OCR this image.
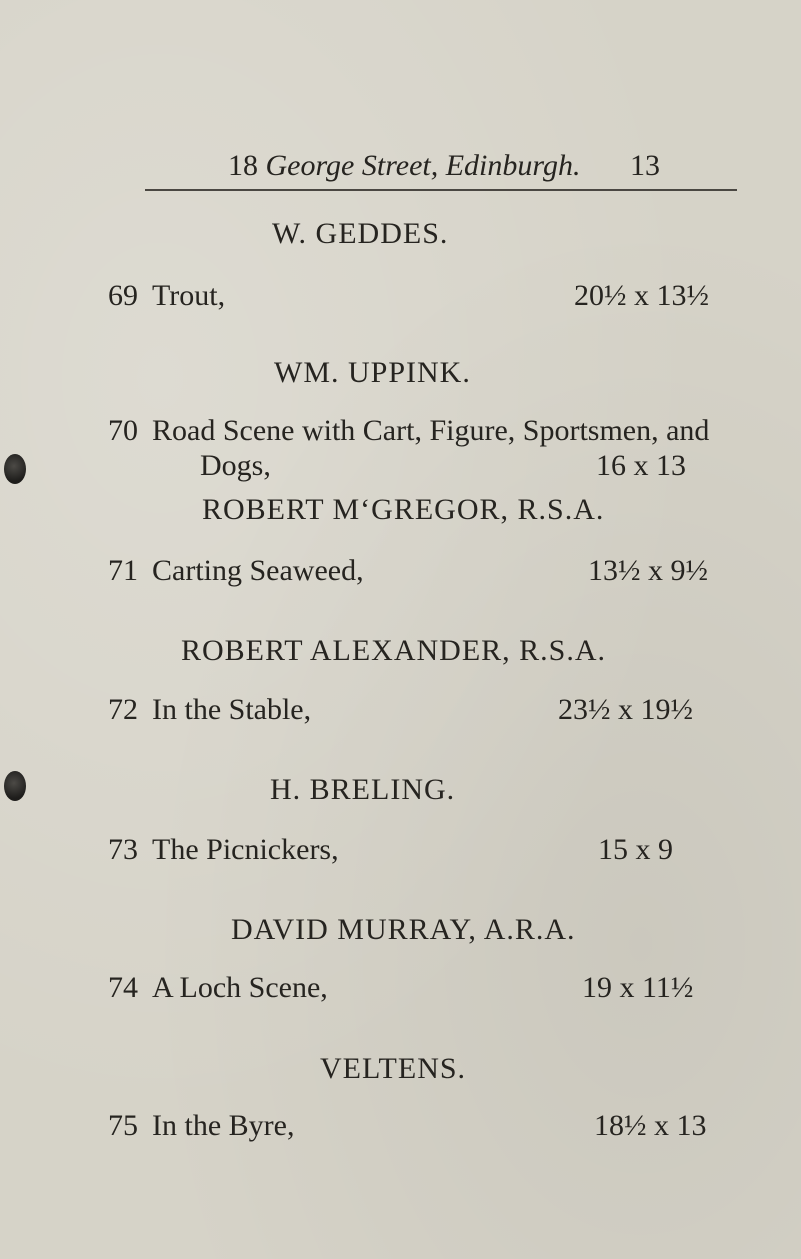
18 George Street, Edinburgh. 13
W. GEDDES.
69 Trout,	20½ x 13½
WM. UPPINK.
70 Road Scene with Cart, Figure, Sportsmen, and
Dogs,	16 x 13
ROBERT M‘GREGOR, R.S.A.
71 Carting Seaweed,	13½ x 9½
ROBERT ALEXANDER, R.S.A.
72 In the Stable,	23½ x 19½
H. BRELING.
73 The Picnickers,	15 x 9
DAVID MURRAY, A.R.A.
74 A Loch Scene,	19 x 11½
VELTENS.
75 In the Byre,	18½ x 13
